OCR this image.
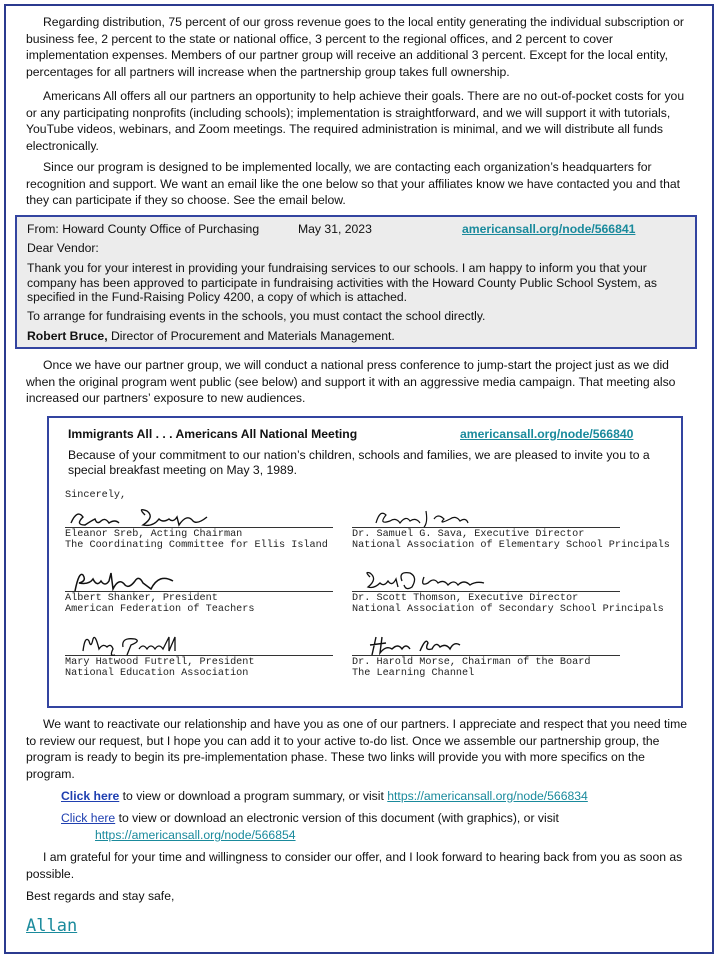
Regarding distribution, 75 percent of our gross revenue goes to the local entity generating the individual subscription or business fee, 2 percent to the state or national office, 3 percent to the regional offices, and 2 percent to cover implementation expenses. Members of our partner group will receive an additional 3 percent. Except for the local entity, percentages for all partners will increase when the partnership group takes full ownership.

Americans All offers all our partners an opportunity to help achieve their goals. There are no out-of-pocket costs for you or any participating nonprofits (including schools); implementation is straightforward, and we will support it with tutorials, YouTube videos, webinars, and Zoom meetings. The required administration is minimal, and we will distribute all funds electronically.

Since our program is designed to be implemented locally, we are contacting each organization’s headquarters for recognition and support. We want an email like the one below so that your affiliates know we have contacted you and that they can participate if they so choose. See the email below.

From: Howard County Office of Purchasing	May 31, 2023	americansall.org/node/566841
Dear Vendor:
Thank you for your interest in providing your fundraising services to our schools. I am happy to inform you that your company has been approved to participate in fundraising activities with the Howard County Public School System, as specified in the Fund-Raising Policy 4200, a copy of which is attached.
To arrange for fundraising events in the schools, you must contact the school directly.
Robert Bruce, Director of Procurement and Materials Management.

Once we have our partner group, we will conduct a national press conference to jump-start the project just as we did when the original program went public (see below) and support it with an aggressive media campaign. That meeting also increased our partners’ exposure to new audiences.

Immigrants All . . . Americans All National Meeting	americansall.org/node/566840
Because of your commitment to our nation’s children, schools and families, we are pleased to invite you to a special breakfast meeting on May 3, 1989.
Sincerely,
Eleanor Sreb, Acting Chairman
The Coordinating Committee for Ellis Island
Dr. Samuel G. Sava, Executive Director
National Association of Elementary School Principals
Albert Shanker, President
American Federation of Teachers
Dr. Scott Thomson, Executive Director
National Association of Secondary School Principals
Mary Hatwood Futrell, President
National Education Association
Dr. Harold Morse, Chairman of the Board
The Learning Channel

We want to reactivate our relationship and have you as one of our partners. I appreciate and respect that you need time to review our request, but I hope you can add it to your active to-do list. Once we assemble our partnership group, the program is ready to begin its pre-implementation phase. These two links will provide you with more specifics on the program.

Click here to view or download a program summary, or visit https://americansall.org/node/566834
Click here to view or download an electronic version of this document (with graphics), or visit
https://americansall.org/node/566854

I am grateful for your time and willingness to consider our offer, and I look forward to hearing back from you as soon as possible.

Best regards and stay safe,

Allan
